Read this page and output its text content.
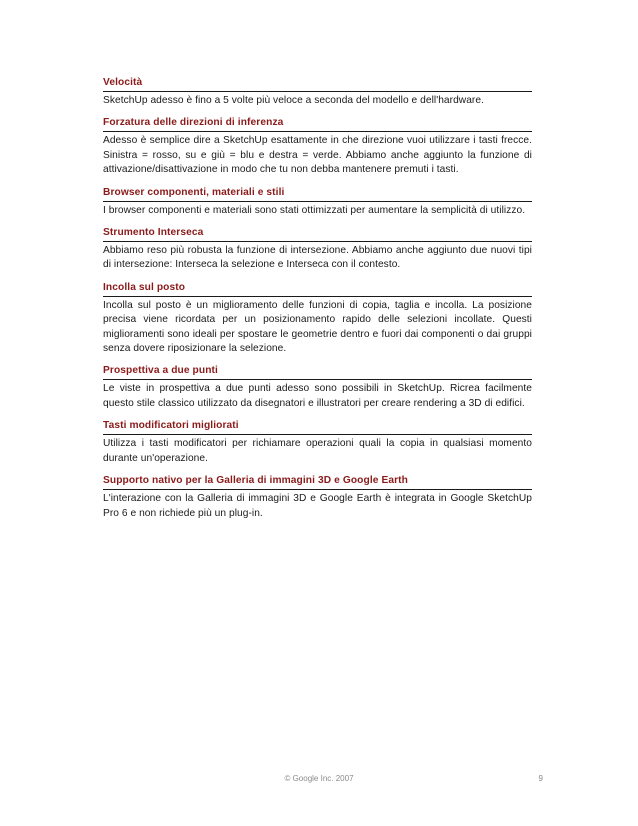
Velocità

SketchUp adesso è fino a 5 volte più veloce a seconda del modello e dell'hardware.

Forzatura delle direzioni di inferenza

Adesso è semplice dire a SketchUp esattamente in che direzione vuoi utilizzare i tasti frecce. Sinistra = rosso, su e giù = blu e destra = verde. Abbiamo anche aggiunto la funzione di attivazione/disattivazione in modo che tu non debba mantenere premuti i tasti.

Browser componenti, materiali e stili

I browser componenti e materiali sono stati ottimizzati per aumentare la semplicità di utilizzo.

Strumento Interseca

Abbiamo reso più robusta la funzione di intersezione. Abbiamo anche aggiunto due nuovi tipi di intersezione: Interseca la selezione e Interseca con il contesto.

Incolla sul posto

Incolla sul posto è un miglioramento delle funzioni di copia, taglia e incolla. La posizione precisa viene ricordata per un posizionamento rapido delle selezioni incollate. Questi miglioramenti sono ideali per spostare le geometrie dentro e fuori dai componenti o dai gruppi senza dovere riposizionare la selezione.

Prospettiva a due punti

Le viste in prospettiva a due punti adesso sono possibili in SketchUp. Ricrea facilmente questo stile classico utilizzato da disegnatori e illustratori per creare rendering a 3D di edifici.

Tasti modificatori migliorati

Utilizza i tasti modificatori per richiamare operazioni quali la copia in qualsiasi momento durante un'operazione.

Supporto nativo per la Galleria di immagini 3D e Google Earth

L'interazione con la Galleria di immagini 3D e Google Earth è integrata in Google SketchUp Pro 6 e non richiede più un plug-in.

© Google Inc. 2007	9
